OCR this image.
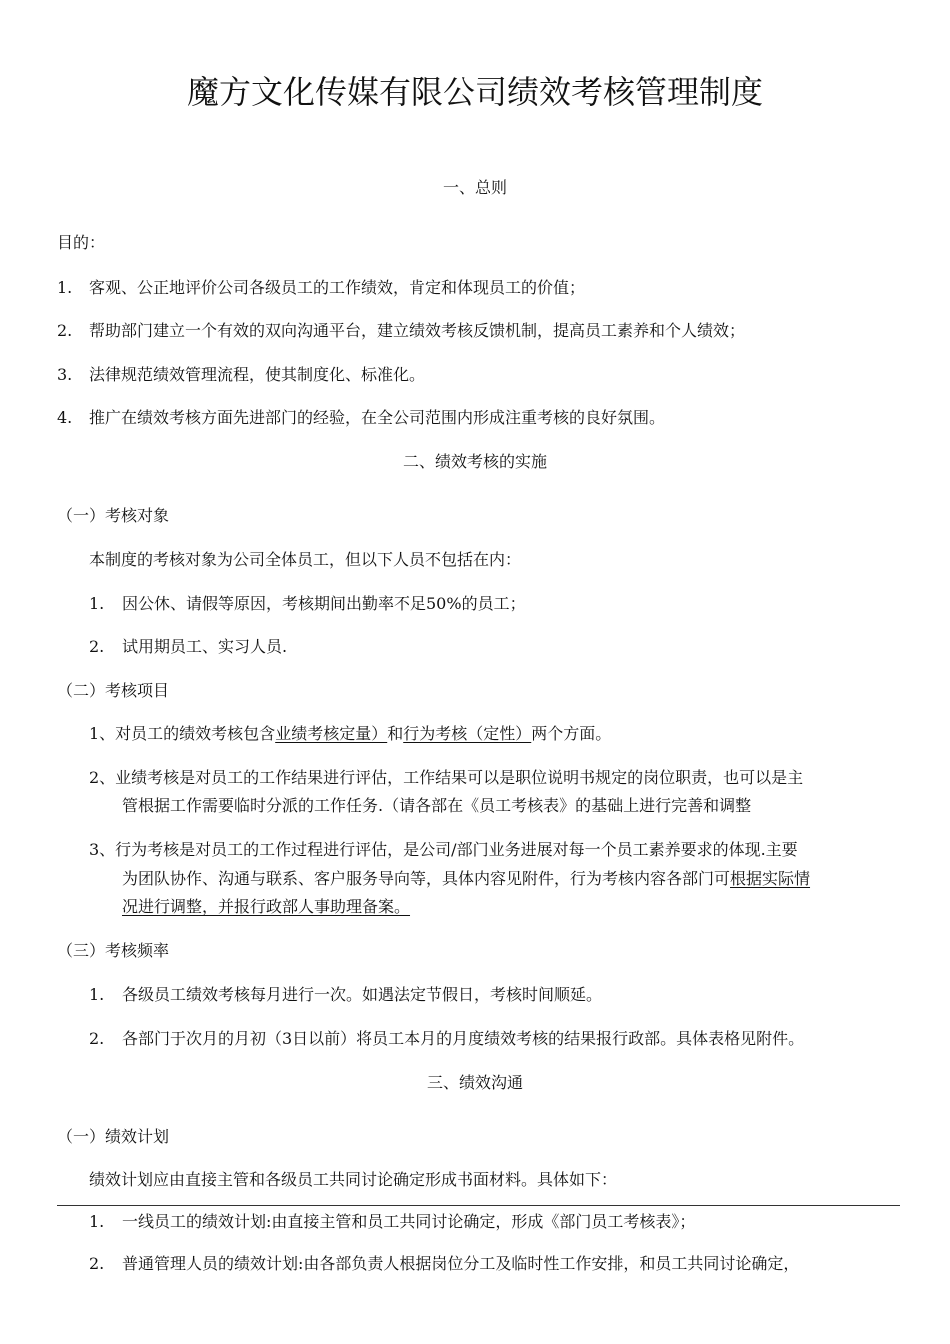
魔方文化传媒有限公司绩效考核管理制度
一、总则
目的：
1. 客观、公正地评价公司各级员工的工作绩效，肯定和体现员工的价值；
2. 帮助部门建立一个有效的双向沟通平台，建立绩效考核反馈机制，提高员工素养和个人绩效；
3. 法律规范绩效管理流程，使其制度化、标准化。
4. 推广在绩效考核方面先进部门的经验，在全公司范围内形成注重考核的良好氛围。
二、绩效考核的实施
（一）考核对象
本制度的考核对象为公司全体员工，但以下人员不包括在内：
1. 因公休、请假等原因，考核期间出勤率不足50%的员工；
2. 试用期员工、实习人员.
（二）考核项目
1、对员工的绩效考核包含业绩考核定量）和行为考核（定性）两个方面。
2、业绩考核是对员工的工作结果进行评估，工作结果可以是职位说明书规定的岗位职责，也可以是主
管根据工作需要临时分派的工作任务.（请各部在《员工考核表》的基础上进行完善和调整
3、行为考核是对员工的工作过程进行评估，是公司/部门业务进展对每一个员工素养要求的体现.主要
为团队协作、沟通与联系、客户服务导向等，具体内容见附件，行为考核内容各部门可根据实际情
况进行调整，并报行政部人事助理备案。
（三）考核频率
1. 各级员工绩效考核每月进行一次。如遇法定节假日，考核时间顺延。
2. 各部门于次月的月初（3日以前）将员工本月的月度绩效考核的结果报行政部。具体表格见附件。
三、绩效沟通
（一）绩效计划
绩效计划应由直接主管和各级员工共同讨论确定形成书面材料。具体如下：
1. 一线员工的绩效计划:由直接主管和员工共同讨论确定，形成《部门员工考核表》；
2. 普通管理人员的绩效计划:由各部负责人根据岗位分工及临时性工作安排，和员工共同讨论确定，
